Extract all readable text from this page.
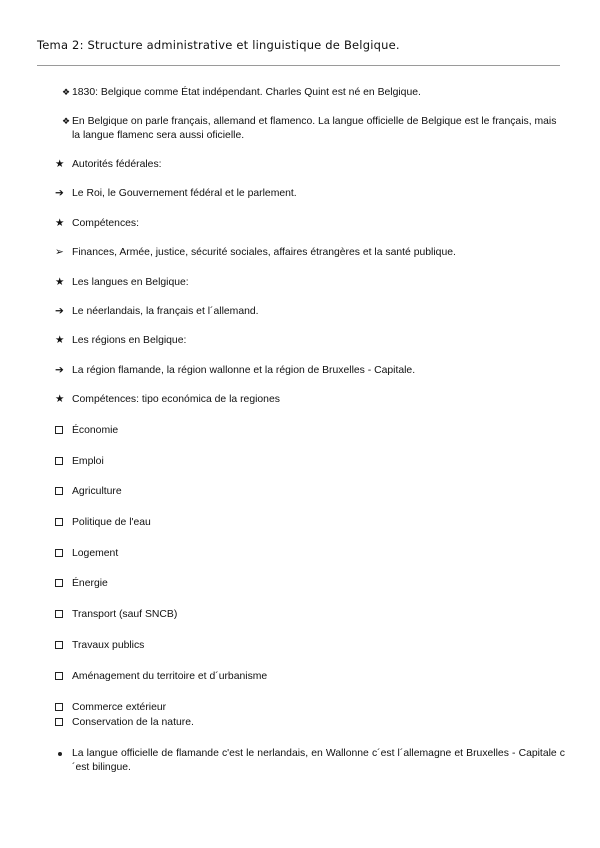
Tema 2: Structure administrative et linguistique de Belgique.
❖ 1830: Belgique comme État indépendant. Charles Quint est né en Belgique.
❖ En Belgique on parle français, allemand et flamenco. La langue officielle de Belgique est le français, mais la langue flamenc sera aussi oficielle.
★ Autorités fédérales:
➔ Le Roi, le Gouvernement fédéral et le parlement.
★ Compétences:
➢ Finances, Armée, justice, sécurité sociales, affaires étrangères et la santé publique.
★ Les langues en Belgique:
➔ Le néerlandais, la français et l´allemand.
★ Les régions en Belgique:
➔ La région flamande, la région wallonne et la région de Bruxelles - Capitale.
★ Compétences: tipo económica de la regiones
Économie
Emploi
Agriculture
Politique de l'eau
Logement
Énergie
Transport (sauf SNCB)
Travaux publics
Aménagement du territoire et d´urbanisme
Commerce extérieur
Conservation de la nature.
La langue officielle de flamande c'est le nerlandais, en Wallonne c´est l´allemagne et Bruxelles - Capitale c ´est bilingue.
